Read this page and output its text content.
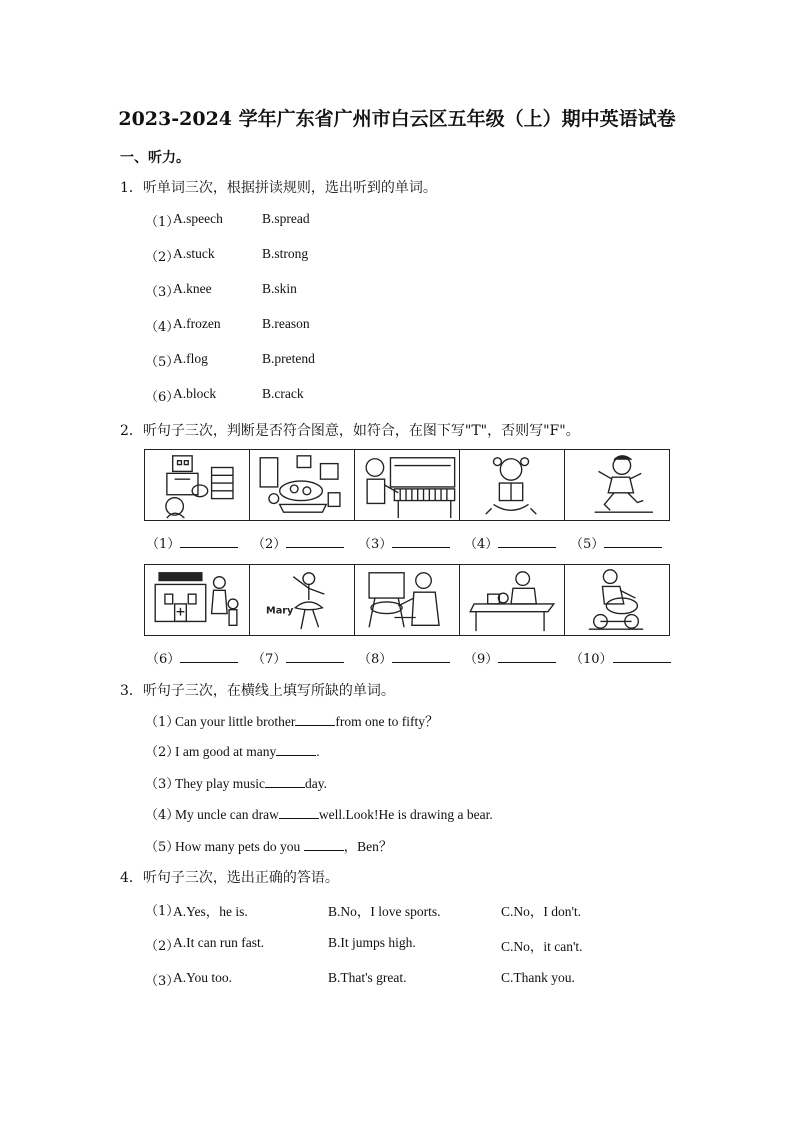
2023-2024 学年广东省广州市白云区五年级（上）期中英语试卷
一、听力。
1．听单词三次，根据拼读规则，选出听到的单词。
（1）
A.speech	B.spread
（2）
A.stuck	B.strong
（3）
A.knee	B.skin
（4）
A.frozen	B.reason
（5）
A.flog	B.pretend
（6）
A.block	B.crack
2．听句子三次，判断是否符合图意，如符合，在图下写"T"，否则写"F"。
（1）	（2）	（3）	（4）	（5）
Mary
（6）	（7）	（8）	（9）	（10）
3．听句子三次，在横线上填写所缺的单词。
（1）Can your little brother	from one to fifty？
（2）I am good at many	.
（3）They play music	day.
（4）My uncle can draw	well.Look!He is drawing a bear.
（5）How many pets do you	，Ben？
4．听句子三次，选出正确的答语。
（1）
A.Yes，he is.	B.No，I love sports.	C.No，I don't.
（2）
A.It can run fast.	B.It jumps high.	C.No，it can't.
（3）
A.You too.	B.That's great.	C.Thank you.
